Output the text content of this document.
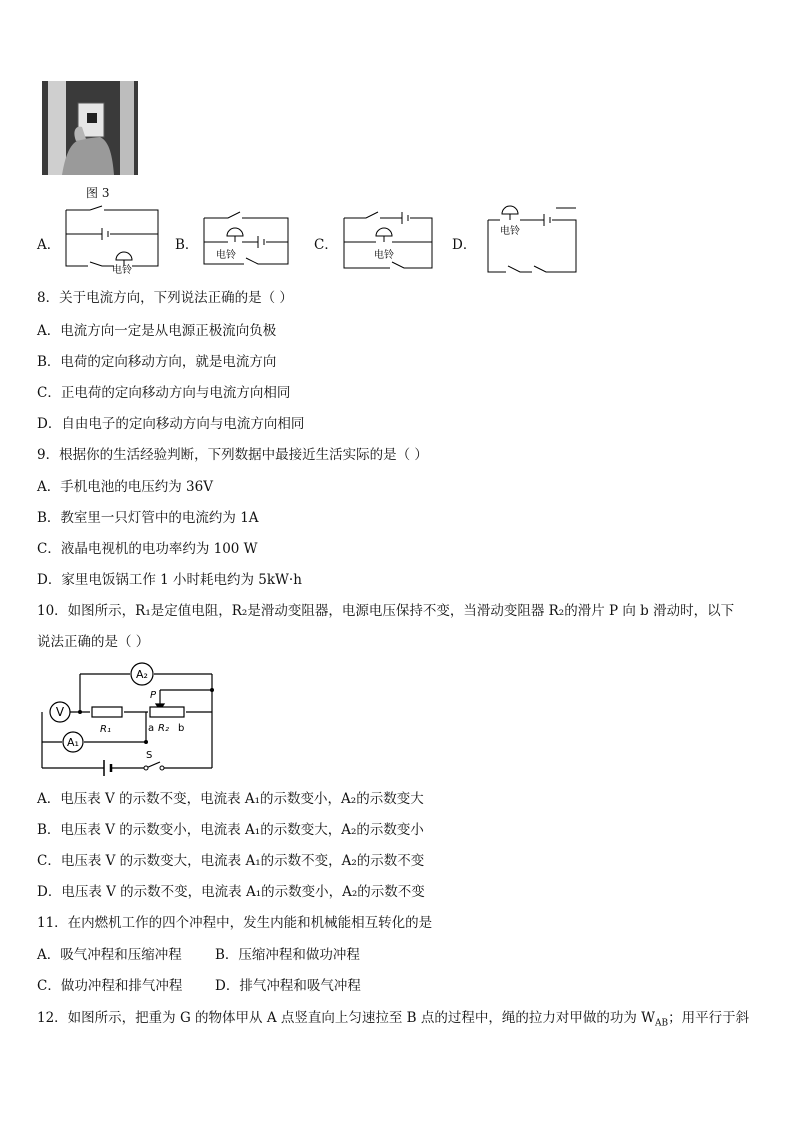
图 3
A．
电铃
B．
电铃
C．
电铃
D．
电铃
8．关于电流方向，下列说法正确的是（ ）
A．电流方向一定是从电源正极流向负极
B．电荷的定向移动方向，就是电流方向
C．正电荷的定向移动方向与电流方向相同
D．自由电子的定向移动方向与电流方向相同
9．根据你的生活经验判断，下列数据中最接近生活实际的是（ ）
A．手机电池的电压约为 36V
B．教室里一只灯管中的电流约为 1A
C．液晶电视机的电功率约为 100 W
D．家里电饭锅工作 1 小时耗电约为 5kW·h
10．如图所示，R₁是定值电阻，R₂是滑动变阻器，电源电压保持不变，当滑动变阻器 R₂的滑片 P 向 b 滑动时，以下
说法正确的是（ ）
A₂
V
A₁
R₁
P
a R₂ b
S
A．电压表 V 的示数不变，电流表 A₁的示数变小，A₂的示数变大
B．电压表 V 的示数变小，电流表 A₁的示数变大，A₂的示数变小
C．电压表 V 的示数变大，电流表 A₁的示数不变，A₂的示数不变
D．电压表 V 的示数不变，电流表 A₁的示数变小，A₂的示数不变
11．在内燃机工作的四个冲程中，发生内能和机械能相互转化的是
A．吸气冲程和压缩冲程 B．压缩冲程和做功冲程
C．做功冲程和排气冲程 D．排气冲程和吸气冲程
12．如图所示，把重为 G 的物体甲从 A 点竖直向上匀速拉至 B 点的过程中，绳的拉力对甲做的功为 $W_{AB}$；用平行于斜
